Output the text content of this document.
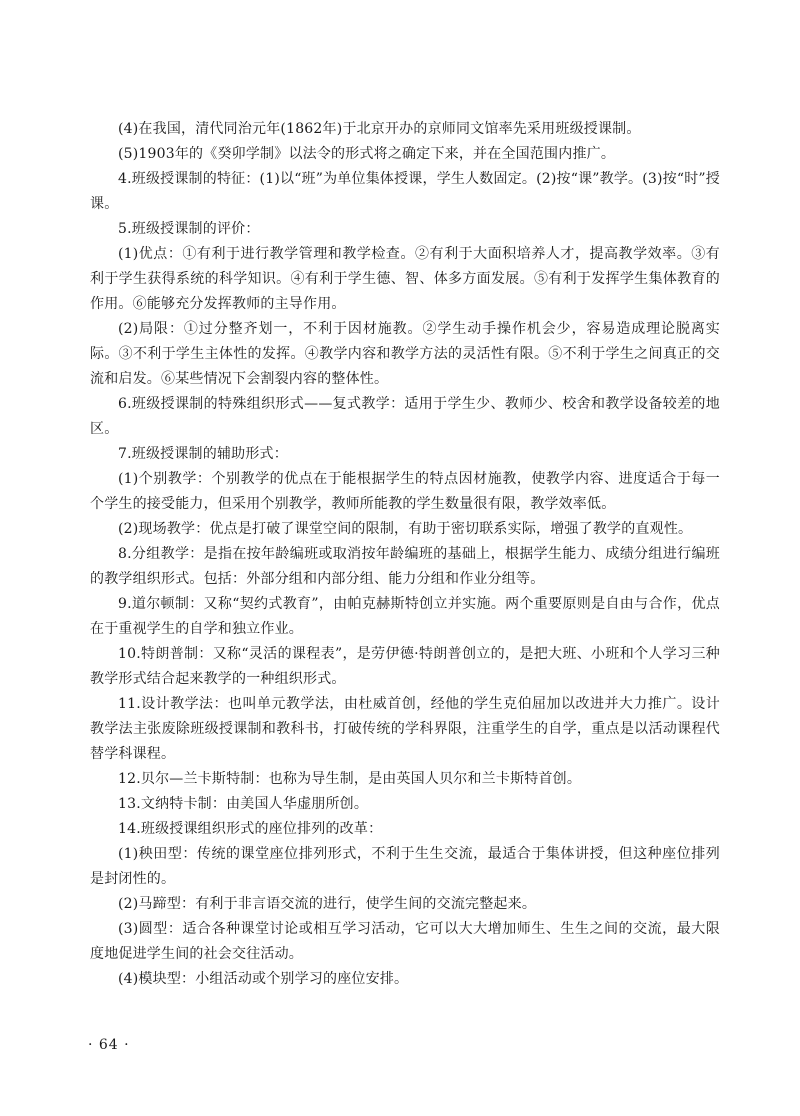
(4)在我国，清代同治元年(1862年)于北京开办的京师同文馆率先采用班级授课制。

(5)1903年的《癸卯学制》以法令的形式将之确定下来，并在全国范围内推广。

4.班级授课制的特征：(1)以“班”为单位集体授课，学生人数固定。(2)按“课”教学。(3)按“时”授课。

5.班级授课制的评价：

(1)优点：①有利于进行教学管理和教学检查。②有利于大面积培养人才，提高教学效率。③有利于学生获得系统的科学知识。④有利于学生德、智、体多方面发展。⑤有利于发挥学生集体教育的作用。⑥能够充分发挥教师的主导作用。

(2)局限：①过分整齐划一，不利于因材施教。②学生动手操作机会少，容易造成理论脱离实际。③不利于学生主体性的发挥。④教学内容和教学方法的灵活性有限。⑤不利于学生之间真正的交流和启发。⑥某些情况下会割裂内容的整体性。

6.班级授课制的特殊组织形式——复式教学：适用于学生少、教师少、校舍和教学设备较差的地区。

7.班级授课制的辅助形式：

(1)个别教学：个别教学的优点在于能根据学生的特点因材施教，使教学内容、进度适合于每一个学生的接受能力，但采用个别教学，教师所能教的学生数量很有限，教学效率低。

(2)现场教学：优点是打破了课堂空间的限制，有助于密切联系实际，增强了教学的直观性。

8.分组教学：是指在按年龄编班或取消按年龄编班的基础上，根据学生能力、成绩分组进行编班的教学组织形式。包括：外部分组和内部分组、能力分组和作业分组等。

9.道尔顿制：又称“契约式教育”，由帕克赫斯特创立并实施。两个重要原则是自由与合作，优点在于重视学生的自学和独立作业。

10.特朗普制：又称“灵活的课程表”，是劳伊德·特朗普创立的，是把大班、小班和个人学习三种教学形式结合起来教学的一种组织形式。

11.设计教学法：也叫单元教学法，由杜威首创，经他的学生克伯屈加以改进并大力推广。设计教学法主张废除班级授课制和教科书，打破传统的学科界限，注重学生的自学，重点是以活动课程代替学科课程。

12.贝尔—兰卡斯特制：也称为导生制，是由英国人贝尔和兰卡斯特首创。

13.文纳特卡制：由美国人华虚朋所创。

14.班级授课组织形式的座位排列的改革：

(1)秧田型：传统的课堂座位排列形式，不利于生生交流，最适合于集体讲授，但这种座位排列是封闭性的。

(2)马蹄型：有利于非言语交流的进行，使学生间的交流完整起来。

(3)圆型：适合各种课堂讨论或相互学习活动，它可以大大增加师生、生生之间的交流，最大限度地促进学生间的社会交往活动。

(4)模块型：小组活动或个别学习的座位安排。

· 64 ·
